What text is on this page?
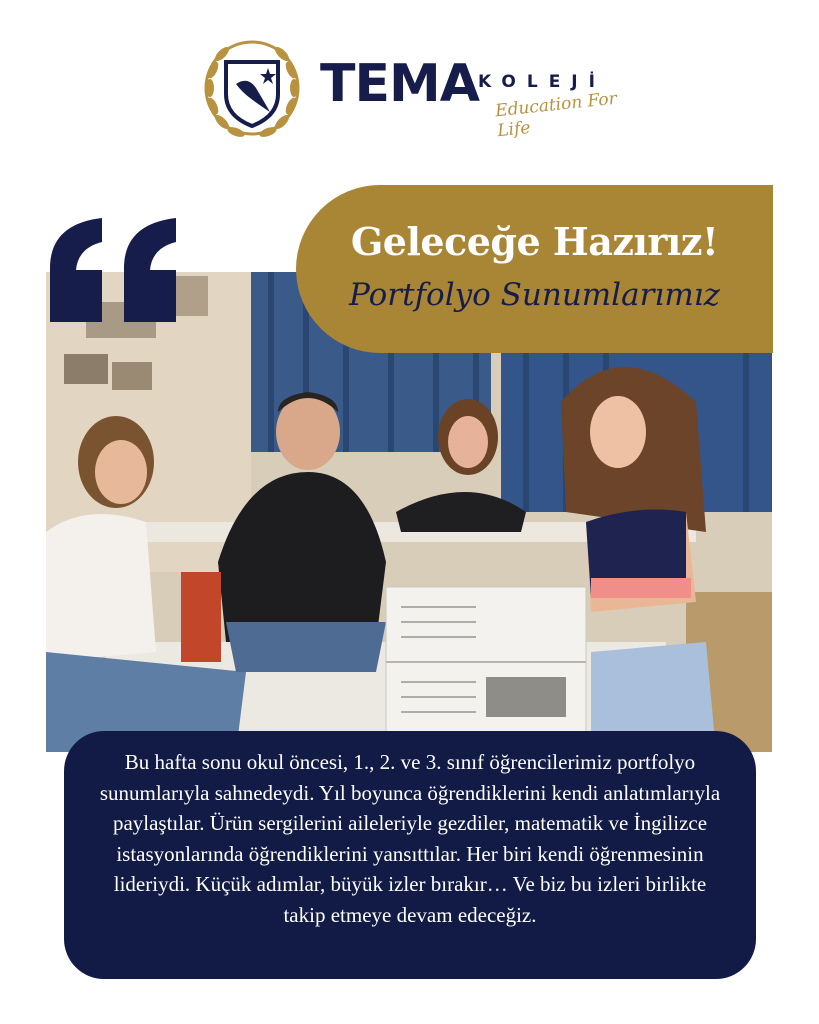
TEMA KOLEJİ
Education For Life
Geleceğe Hazırız!
Portfolyo Sunumlarımız
Bu hafta sonu okul öncesi, 1., 2. ve 3. sınıf öğrencilerimiz portfolyo sunumlarıyla sahnedeydi. Yıl boyunca öğrendiklerini kendi anlatımlarıyla paylaştılar. Ürün sergilerini aileleriyle gezdiler, matematik ve İngilizce istasyonlarında öğrendiklerini yansıttılar. Her biri kendi öğrenmesinin lideriydi. Küçük adımlar, büyük izler bırakır… Ve biz bu izleri birlikte takip etmeye devam edeceğiz.
